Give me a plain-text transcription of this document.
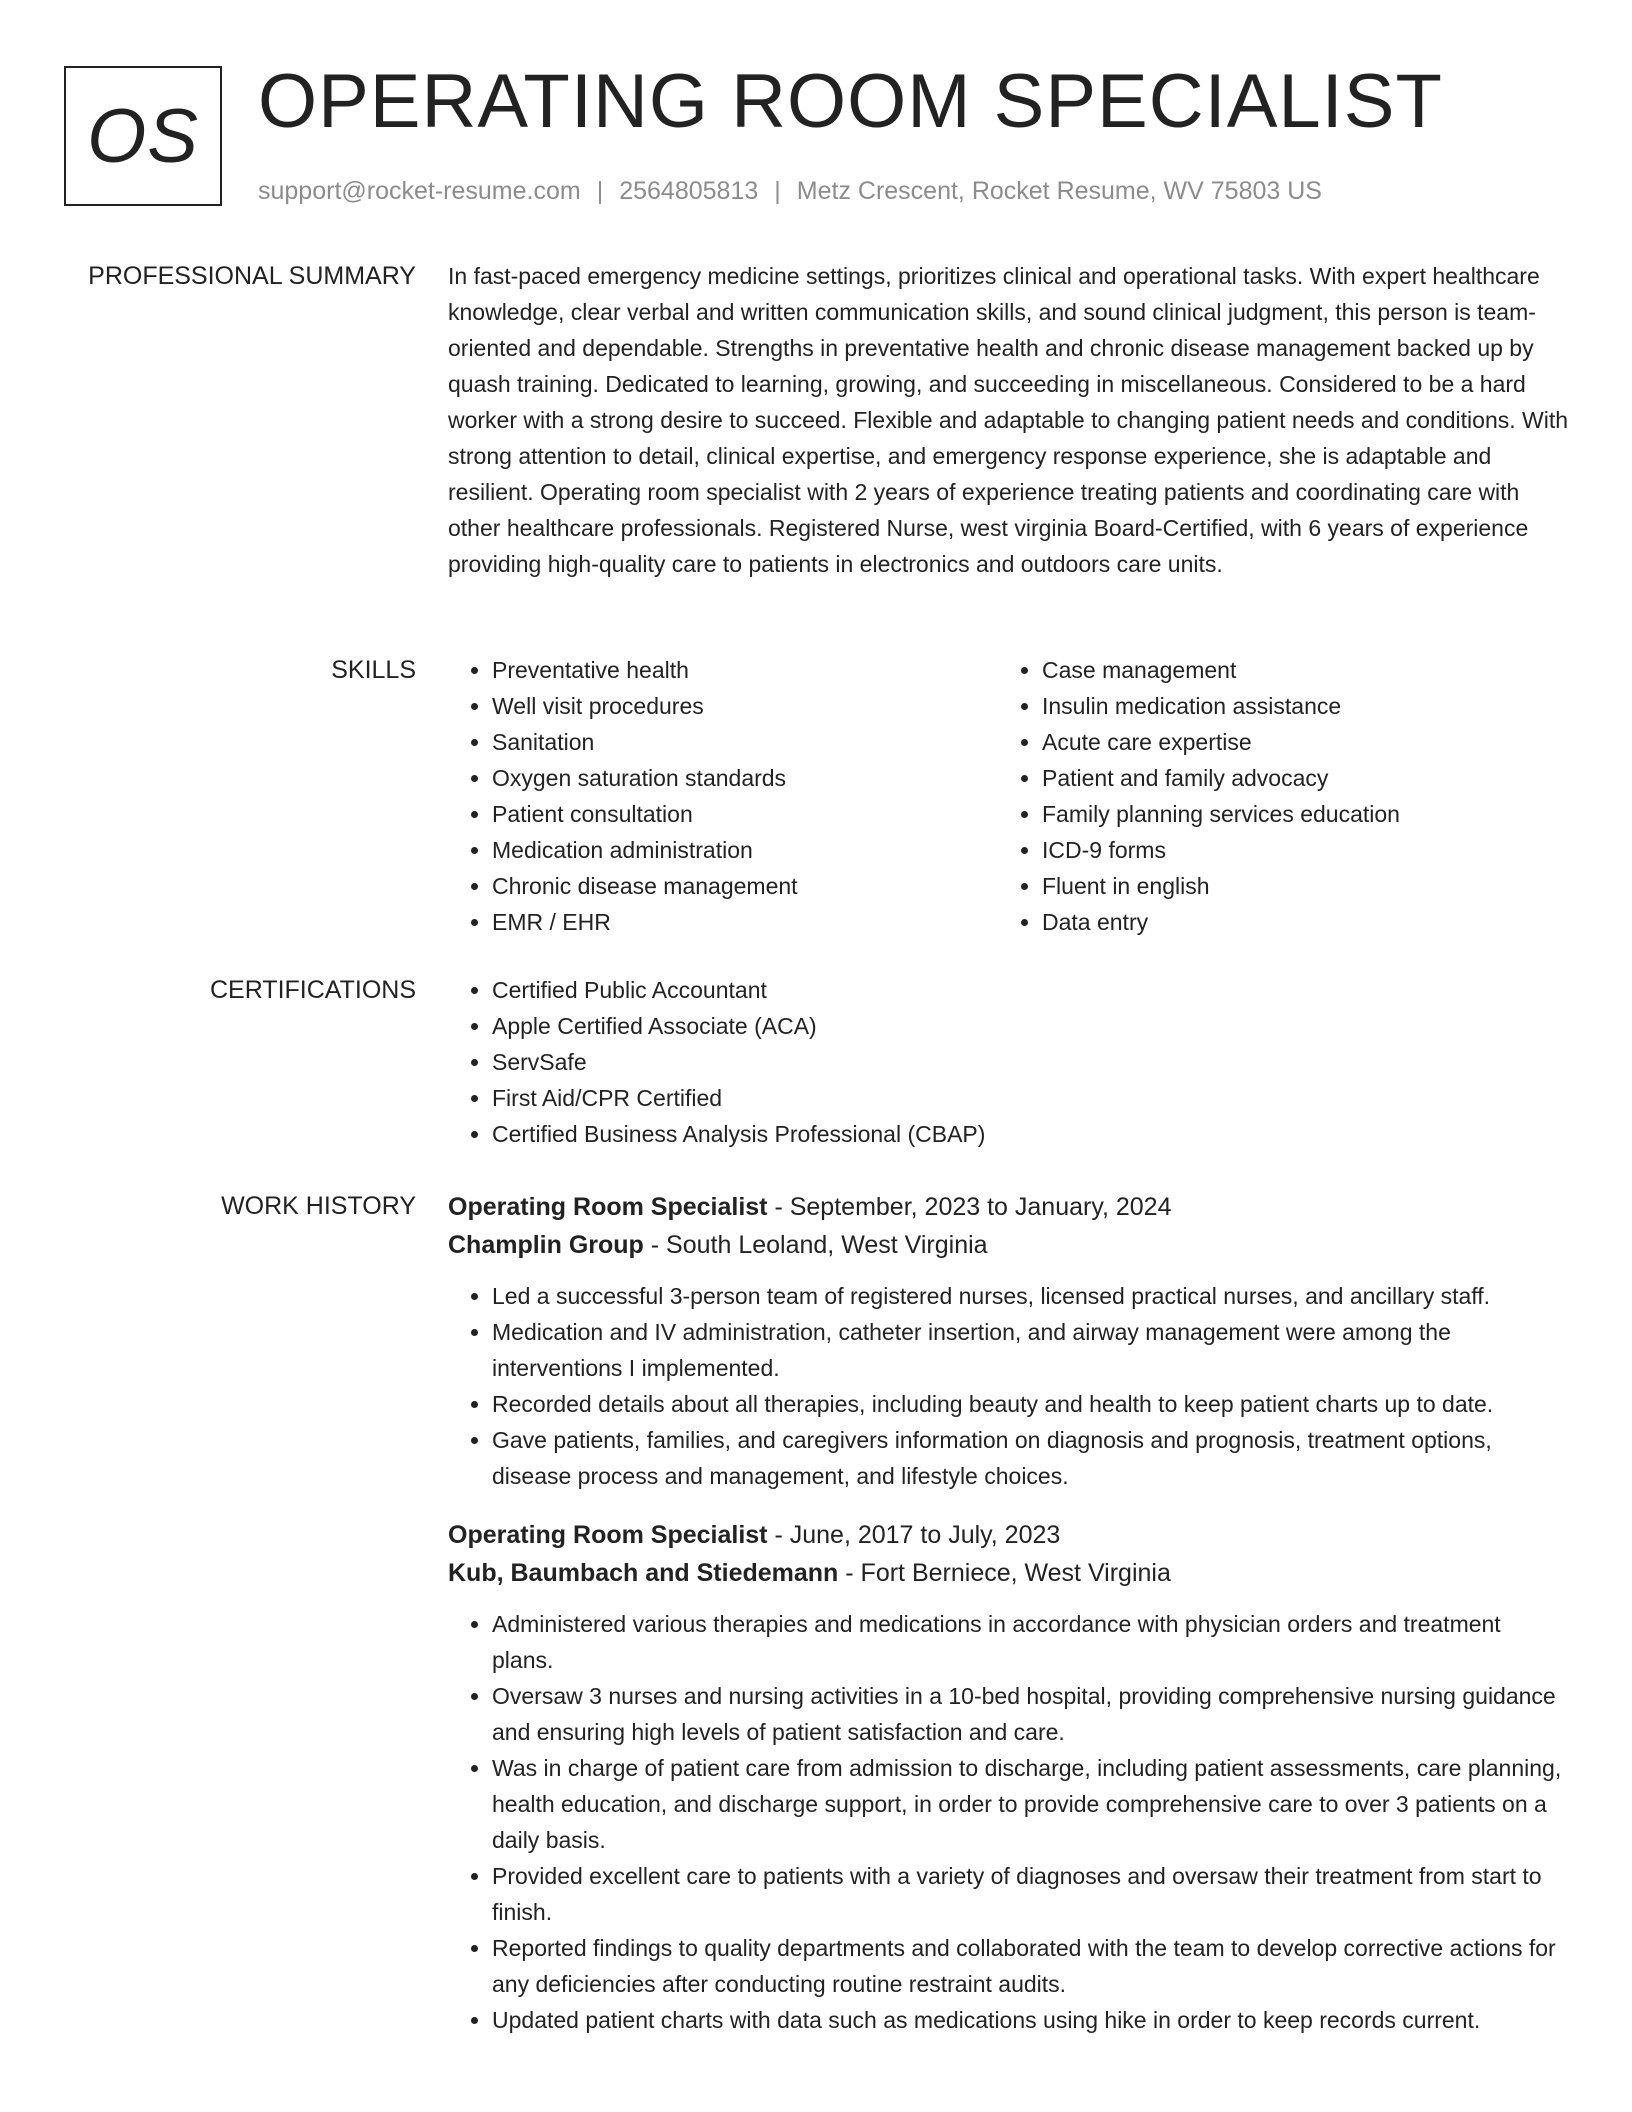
OS OPERATING ROOM SPECIALIST
support@rocket-resume.com | 2564805813 | Metz Crescent, Rocket Resume, WV 75803 US
PROFESSIONAL SUMMARY In fast-paced emergency medicine settings, prioritizes clinical and operational tasks. With expert healthcare knowledge, clear verbal and written communication skills, and sound clinical judgment, this person is team-oriented and dependable. Strengths in preventative health and chronic disease management backed up by quash training. Dedicated to learning, growing, and succeeding in miscellaneous. Considered to be a hard worker with a strong desire to succeed. Flexible and adaptable to changing patient needs and conditions. With strong attention to detail, clinical expertise, and emergency response experience, she is adaptable and resilient. Operating room specialist with 2 years of experience treating patients and coordinating care with other healthcare professionals. Registered Nurse, west virginia Board-Certified, with 6 years of experience providing high-quality care to patients in electronics and outdoors care units.
SKILLS	• Preventative health
• Well visit procedures
• Sanitation
• Oxygen saturation standards
• Patient consultation
• Medication administration
• Chronic disease management
• EMR / EHR
• Case management
• Insulin medication assistance
• Acute care expertise
• Patient and family advocacy
• Family planning services education
• ICD-9 forms
• Fluent in english
• Data entry
CERTIFICATIONS	• Certified Public Accountant
• Apple Certified Associate (ACA)
• ServSafe
• First Aid/CPR Certified
• Certified Business Analysis Professional (CBAP)
WORK HISTORY Operating Room Specialist - September, 2023 to January, 2024
Champlin Group - South Leoland, West Virginia
• Led a successful 3-person team of registered nurses, licensed practical nurses, and ancillary staff.
• Medication and IV administration, catheter insertion, and airway management were among the interventions I implemented.
• Recorded details about all therapies, including beauty and health to keep patient charts up to date.
• Gave patients, families, and caregivers information on diagnosis and prognosis, treatment options, disease process and management, and lifestyle choices.
Operating Room Specialist - June, 2017 to July, 2023
Kub, Baumbach and Stiedemann - Fort Berniece, West Virginia
• Administered various therapies and medications in accordance with physician orders and treatment plans.
• Oversaw 3 nurses and nursing activities in a 10-bed hospital, providing comprehensive nursing guidance and ensuring high levels of patient satisfaction and care.
• Was in charge of patient care from admission to discharge, including patient assessments, care planning, health education, and discharge support, in order to provide comprehensive care to over 3 patients on a daily basis.
• Provided excellent care to patients with a variety of diagnoses and oversaw their treatment from start to finish.
• Reported findings to quality departments and collaborated with the team to develop corrective actions for any deficiencies after conducting routine restraint audits.
• Updated patient charts with data such as medications using hike in order to keep records current.
